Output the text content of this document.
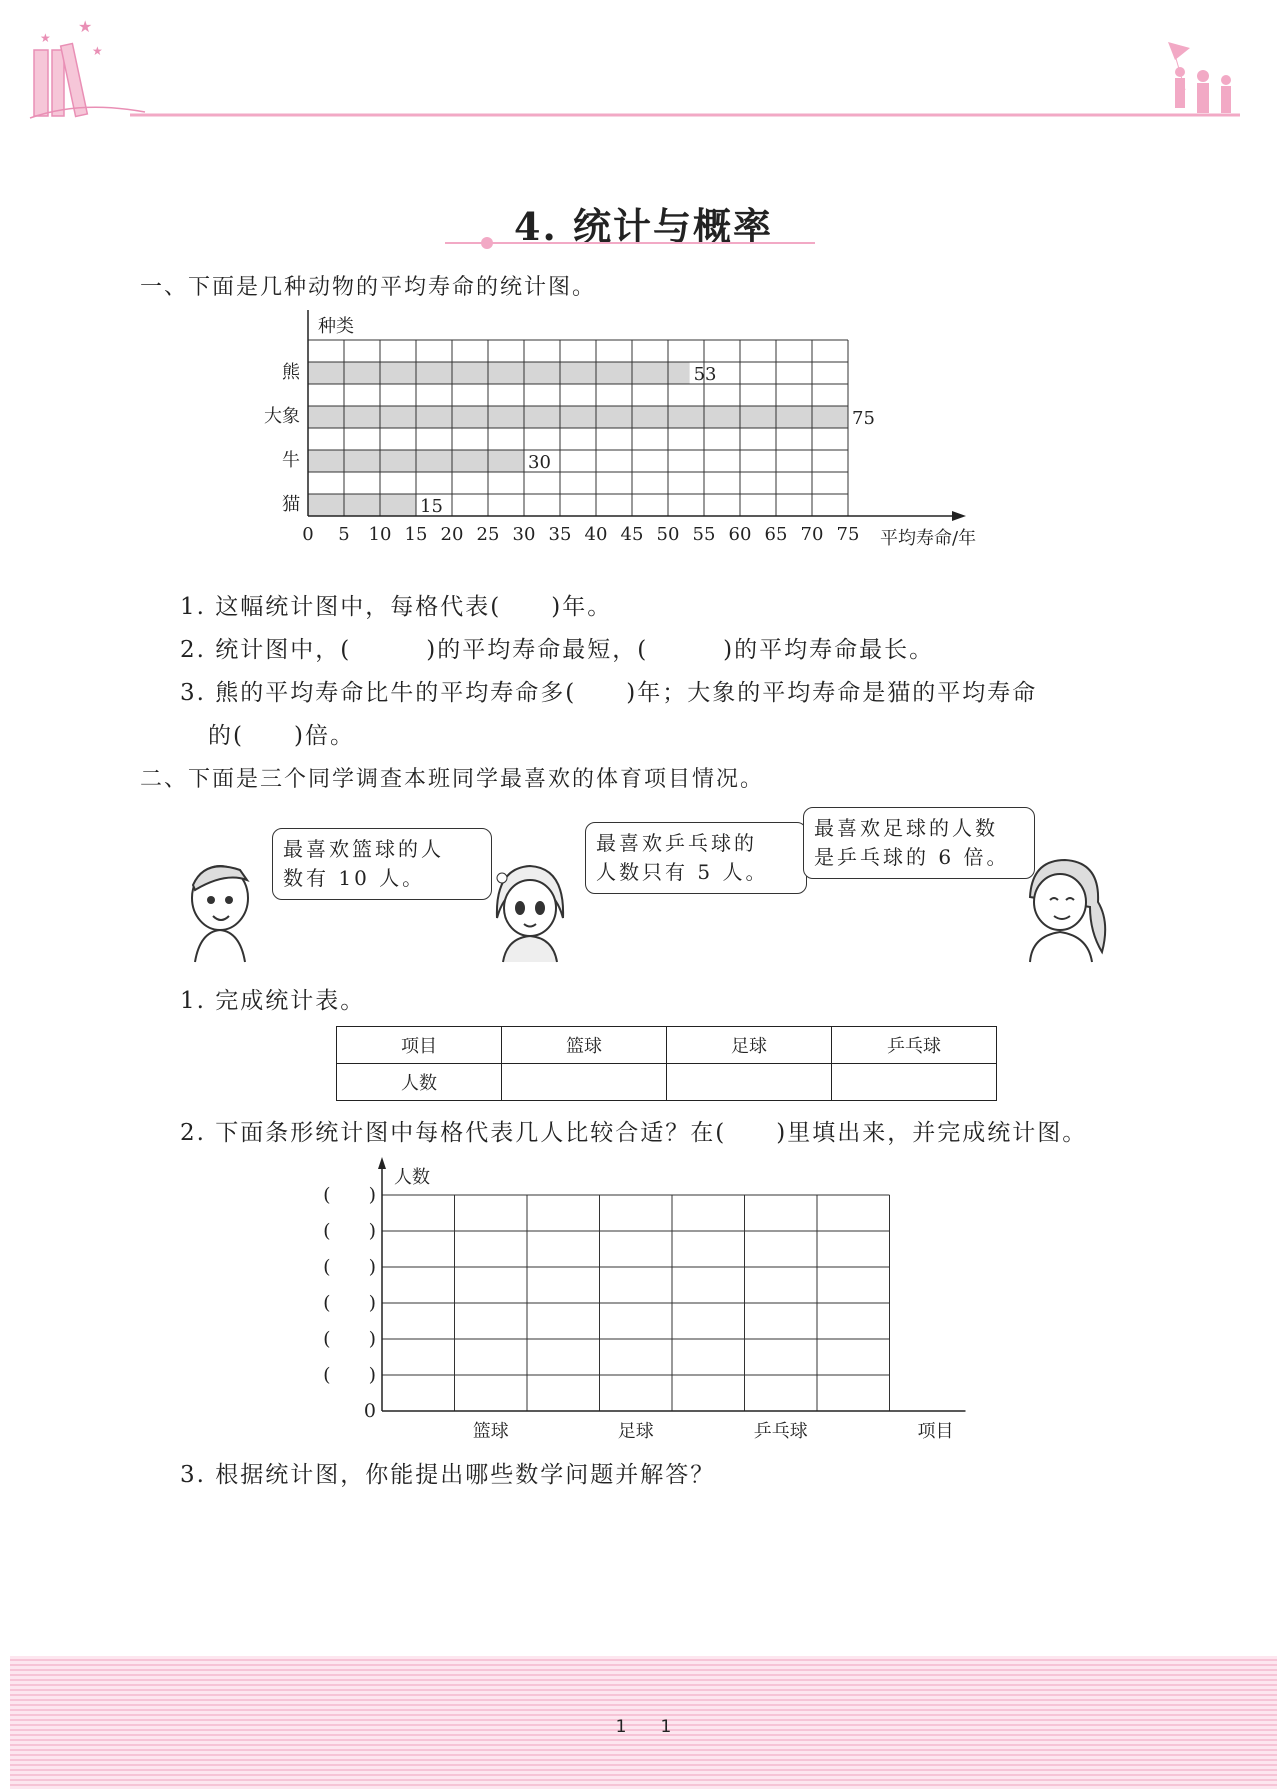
★
★
★
4. 统计与概率
一、下面是几种动物的平均寿命的统计图。
熊	53
大象	75
牛	30
猫	15
种类
0 5 10 15 20 25 30 35 40 45 50 55 60 65 70 75 平均寿命/年
1. 这幅统计图中，每格代表(　　)年。
2. 统计图中，(　　　)的平均寿命最短，(　　　)的平均寿命最长。
3. 熊的平均寿命比牛的平均寿命多(　　)年；大象的平均寿命是猫的平均寿命
的(　　)倍。
二、下面是三个同学调查本班同学最喜欢的体育项目情况。
最喜欢篮球的人
数有 10 人。
最喜欢乒乓球的
人数只有 5 人。
最喜欢足球的人数
是乒乓球的 6 倍。
1. 完成统计表。
项目	篮球	足球	乒乓球
人数			
2. 下面条形统计图中每格代表几人比较合适？在(　　)里填出来，并完成统计图。
人数
(　　)
(　　)
(　　)
(　　)
(　　)
(　　)
0
篮球	足球	乒乓球	项目
3. 根据统计图，你能提出哪些数学问题并解答？
1　　1
